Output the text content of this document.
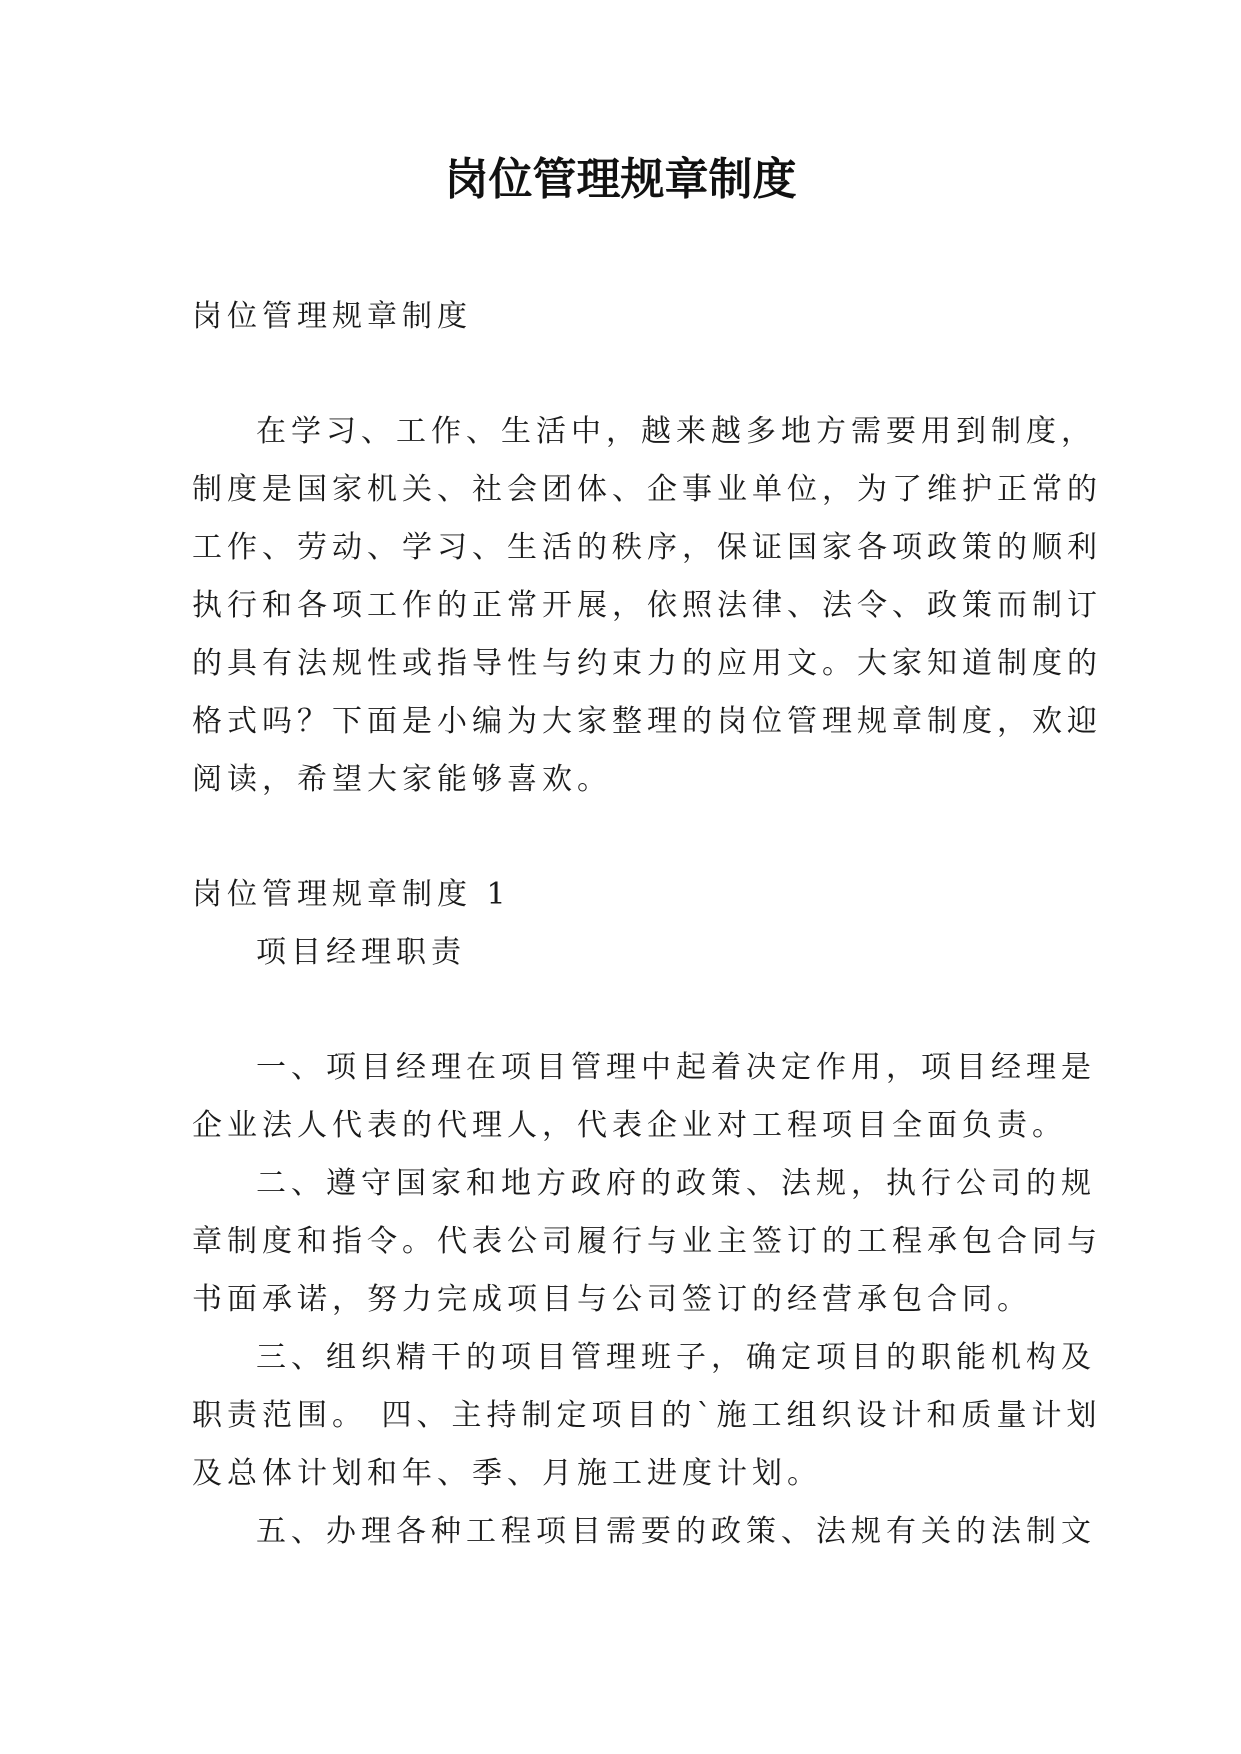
岗位管理规章制度
岗位管理规章制度
在学习、工作、生活中，越来越多地方需要用到制度，
制度是国家机关、社会团体、企事业单位，为了维护正常的
工作、劳动、学习、生活的秩序，保证国家各项政策的顺利
执行和各项工作的正常开展，依照法律、法令、政策而制订
的具有法规性或指导性与约束力的应用文。大家知道制度的
格式吗？下面是小编为大家整理的岗位管理规章制度，欢迎
阅读，希望大家能够喜欢。
岗位管理规章制度 1
项目经理职责
一、项目经理在项目管理中起着决定作用，项目经理是
企业法人代表的代理人，代表企业对工程项目全面负责。
二、遵守国家和地方政府的政策、法规，执行公司的规
章制度和指令。代表公司履行与业主签订的工程承包合同与
书面承诺，努力完成项目与公司签订的经营承包合同。
三、组织精干的项目管理班子，确定项目的职能机构及
职责范围。 四、主持制定项目的`施工组织设计和质量计划
及总体计划和年、季、月施工进度计划。
五、办理各种工程项目需要的政策、法规有关的法制文
